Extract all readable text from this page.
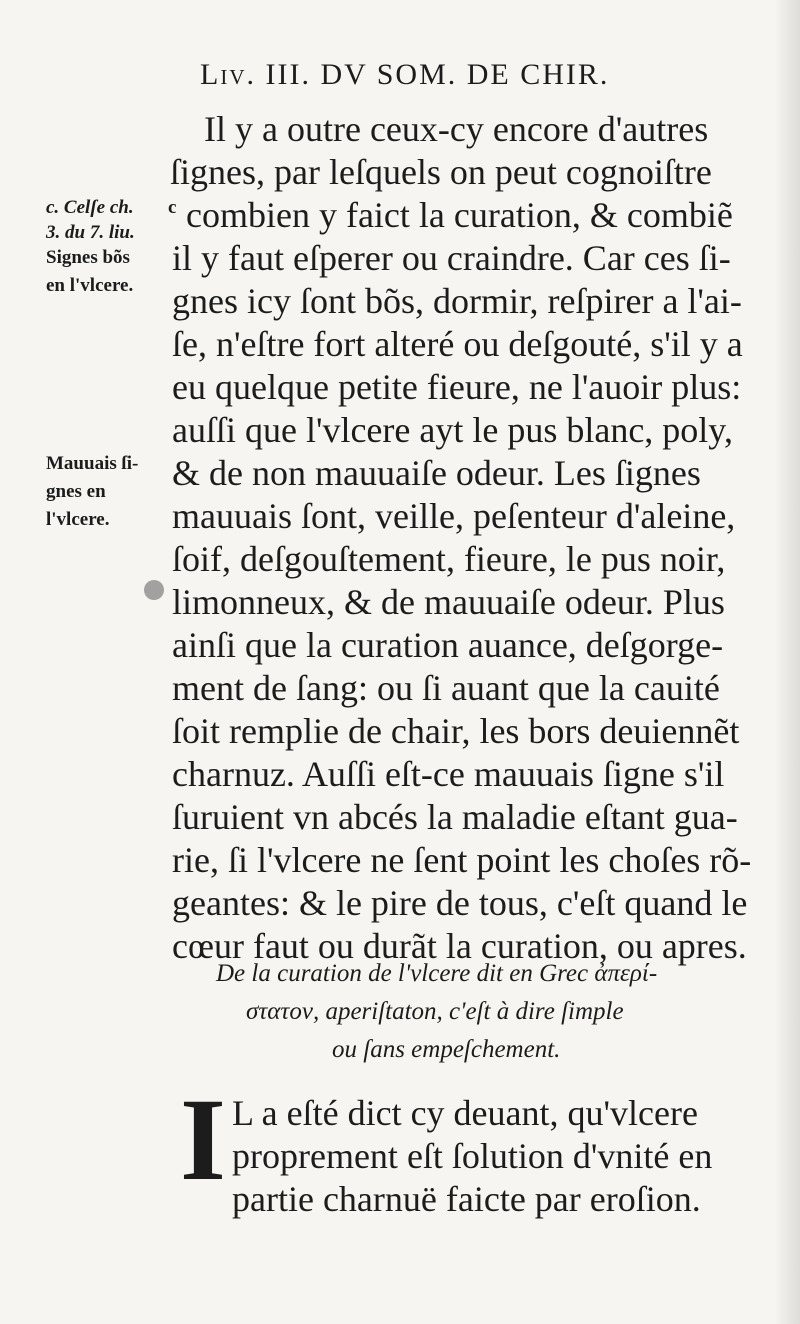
Liv. III. DV SOM. DE CHIR.
c. Celſe ch.
3. du 7. liu.
Signes bõs
en l'vlcere.
Mauuais ſi-
gnes en
l'vlcere.
c
Il y a outre ceux-cy encore d'autres
ſignes, par leſquels on peut cognoiſtre
combien y faict la curation, & combiẽ
il y faut eſperer ou craindre. Car ces ſi-
gnes icy ſont bõs, dormir, reſpirer a l'ai-
ſe, n'eſtre fort alteré ou deſgouté, s'il y a
eu quelque petite fieure, ne l'auoir plus:
auſſi que l'vlcere ayt le pus blanc, poly,
& de non mauuaiſe odeur. Les ſignes
mauuais ſont, veille, peſenteur d'aleine,
ſoif, deſgouſtement, fieure, le pus noir,
limonneux, & de mauuaiſe odeur. Plus
ainſi que la curation auance, deſgorge-
ment de ſang: ou ſi auant que la cauité
ſoit remplie de chair, les bors deuiennẽt
charnuz. Auſſi eſt-ce mauuais ſigne s'il
ſuruient vn abcés la maladie eſtant gua-
rie, ſi l'vlcere ne ſent point les choſes rõ-
geantes: & le pire de tous, c'eſt quand le
cœur faut ou durãt la curation, ou apres.
De la curation de l'vlcere dit en Grec ἀπερί-
στατον, aperiſtaton, c'eſt à dire ſimple
ou ſans empeſchement.
I L a eſté dict cy deuant, qu'vlcere
proprement eſt ſolution d'vnité en
partie charnuë faicte par eroſion.
